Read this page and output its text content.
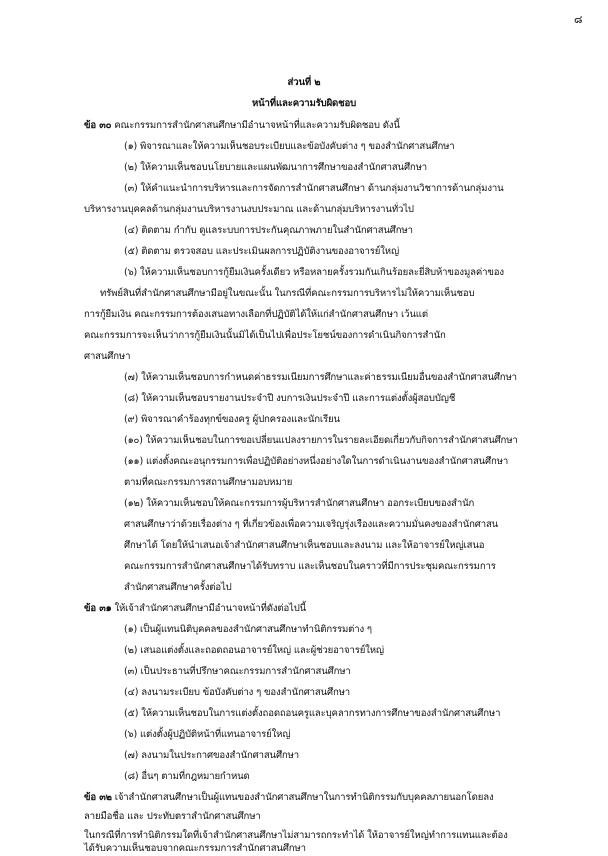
๘
ส่วนที่ ๒
หน้าที่และความรับผิดชอบ
ข้อ ๓๐ คณะกรรมการสำนักศาสนศึกษามีอำนาจหน้าที่และความรับผิดชอบ ดังนี้
(๑) พิจารณาและให้ความเห็นชอบระเบียบและข้อบังคับต่าง ๆ ของสำนักศาสนศึกษา
(๒) ให้ความเห็นชอบนโยบายและแผนพัฒนาการศึกษาของสำนักศาสนศึกษา
(๓) ให้คำแนะนำการบริหารและการจัดการสำนักศาสนศึกษา ด้านกลุ่มงานวิชาการด้านกลุ่มงาน
บริหารงานบุคคลด้านกลุ่มงานบริหารงานงบประมาณ และด้านกลุ่มบริหารงานทั่วไป
(๔) ติดตาม กำกับ ดูแลระบบการประกันคุณภาพภายในสำนักศาสนศึกษา
(๕) ติดตาม ตรวจสอบ และประเมินผลการปฏิบัติงานของอาจารย์ใหญ่
(๖) ให้ความเห็นชอบการกู้ยืมเงินครั้งเดียว หรือหลายครั้งรวมกันเกินร้อยละยี่สิบห้าของมูลค่าของ
ทรัพย์สินที่สำนักศาสนศึกษามีอยู่ในขณะนั้น ในกรณีที่คณะกรรมการบริหารไม่ให้ความเห็นชอบ
การกู้ยืมเงิน คณะกรรมการต้องเสนอทางเลือกที่ปฏิบัติได้ให้แก่สำนักศาสนศึกษา เว้นแต่
คณะกรรมการจะเห็นว่าการกู้ยืมเงินนั้นมิได้เป็นไปเพื่อประโยชน์ของการดำเนินกิจการสำนัก
ศาสนศึกษา
(๗) ให้ความเห็นชอบการกำหนดค่าธรรมเนียมการศึกษาและค่าธรรมเนียมอื่นของสำนักศาสนศึกษา
(๘) ให้ความเห็นชอบรายงานประจำปี งบการเงินประจำปี และการแต่งตั้งผู้สอบบัญชี
(๙) พิจารณาคำร้องทุกข์ของครู ผู้ปกครองและนักเรียน
(๑๐) ให้ความเห็นชอบในการขอเปลี่ยนแปลงรายการในรายละเอียดเกี่ยวกับกิจการสำนักศาสนศึกษา
(๑๑) แต่งตั้งคณะอนุกรรมการเพื่อปฏิบัติอย่างหนึ่งอย่างใดในการดำเนินงานของสำนักศาสนศึกษา
ตามที่คณะกรรมการสถานศึกษามอบหมาย
(๑๒) ให้ความเห็นชอบให้คณะกรรมการผู้บริหารสำนักศาสนศึกษา ออกระเบียบของสำนัก
ศาสนศึกษาว่าด้วยเรื่องต่าง ๆ ที่เกี่ยวข้องเพื่อความเจริญรุ่งเรืองและความมั่นคงของสำนักศาสน
ศึกษาได้ โดยให้นำเสนอเจ้าสำนักศาสนศึกษาเห็นชอบและลงนาม และให้อาจารย์ใหญ่เสนอ
คณะกรรมการสำนักศาสนศึกษาได้รับทราบ และเห็นชอบในคราวที่มีการประชุมคณะกรรมการ
สำนักศาสนศึกษาครั้งต่อไป
ข้อ ๓๑ ให้เจ้าสำนักศาสนศึกษามีอำนาจหน้าที่ดังต่อไปนี้
(๑) เป็นผู้แทนนิติบุคคลของสำนักศาสนศึกษาทำนิติกรรมต่าง ๆ
(๒) เสนอแต่งตั้งและถอดถอนอาจารย์ใหญ่ และผู้ช่วยอาจารย์ใหญ่
(๓) เป็นประธานที่ปรึกษาคณะกรรมการสำนักศาสนศึกษา
(๔) ลงนามระเบียบ ข้อบังคับต่าง ๆ ของสำนักศาสนศึกษา
(๕) ให้ความเห็นชอบในการแต่งตั้งถอดถอนครูและบุคลากรทางการศึกษาของสำนักศาสนศึกษา
(๖) แต่งตั้งผู้ปฏิบัติหน้าที่แทนอาจารย์ใหญ่
(๗) ลงนามในประกาศของสำนักศาสนศึกษา
(๘) อื่นๆ ตามที่กฎหมายกำหนด
ข้อ ๓๒ เจ้าสำนักศาสนศึกษาเป็นผู้แทนของสำนักศาสนศึกษาในการทำนิติกรรมกับบุคคลภายนอกโดยลง
ลายมือชื่อ และ ประทับตราสำนักศาสนศึกษา
ในกรณีที่การทำนิติกรรมใดที่เจ้าสำนักศาสนศึกษาไม่สามารถกระทำได้ ให้อาจารย์ใหญ่ทำการแทนและต้อง
ได้รับความเห็นชอบจากคณะกรรมการสำนักศาสนศึกษา
